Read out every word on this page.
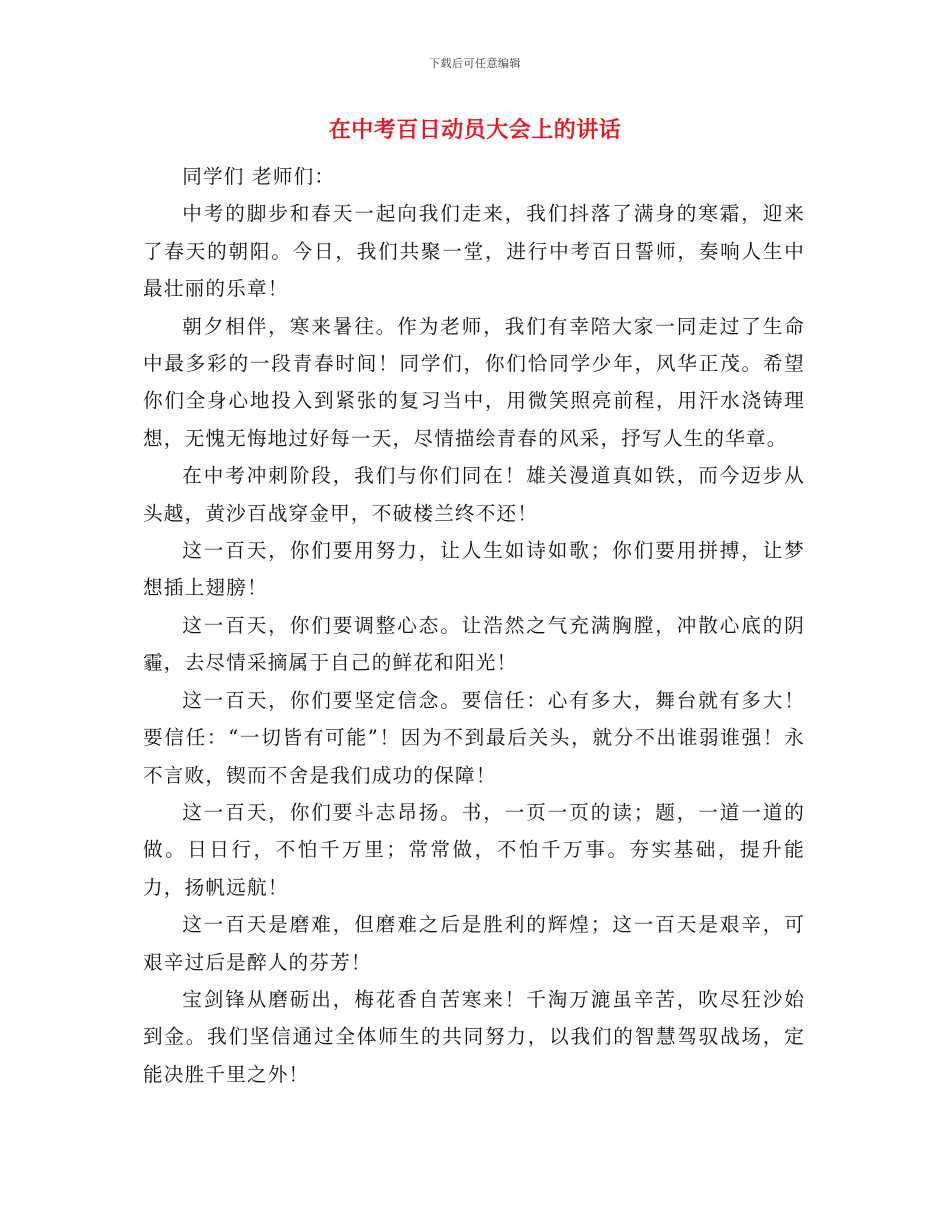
下载后可任意编辑
在中考百日动员大会上的讲话

同学们 老师们：

中考的脚步和春天一起向我们走来，我们抖落了满身的寒霜，迎来了春天的朝阳。今日，我们共聚一堂，进行中考百日誓师，奏响人生中最壮丽的乐章！

朝夕相伴，寒来暑往。作为老师，我们有幸陪大家一同走过了生命中最多彩的一段青春时间！同学们，你们恰同学少年，风华正茂。希望你们全身心地投入到紧张的复习当中，用微笑照亮前程，用汗水浇铸理想，无愧无悔地过好每一天，尽情描绘青春的风采，抒写人生的华章。

在中考冲刺阶段，我们与你们同在！雄关漫道真如铁，而今迈步从头越，黄沙百战穿金甲，不破楼兰终不还！

这一百天，你们要用努力，让人生如诗如歌；你们要用拼搏，让梦想插上翅膀！

这一百天，你们要调整心态。让浩然之气充满胸膛，冲散心底的阴霾，去尽情采摘属于自己的鲜花和阳光！

这一百天，你们要坚定信念。要信任：心有多大，舞台就有多大！要信任：“一切皆有可能”！因为不到最后关头，就分不出谁弱谁强！永不言败，锲而不舍是我们成功的保障！

这一百天，你们要斗志昂扬。书，一页一页的读；题，一道一道的做。日日行，不怕千万里；常常做，不怕千万事。夯实基础，提升能力，扬帆远航！

这一百天是磨难，但磨难之后是胜利的辉煌；这一百天是艰辛，可艰辛过后是醉人的芬芳！

宝剑锋从磨砺出，梅花香自苦寒来！千淘万漉虽辛苦，吹尽狂沙始到金。我们坚信通过全体师生的共同努力，以我们的智慧驾驭战场，定能决胜千里之外！
